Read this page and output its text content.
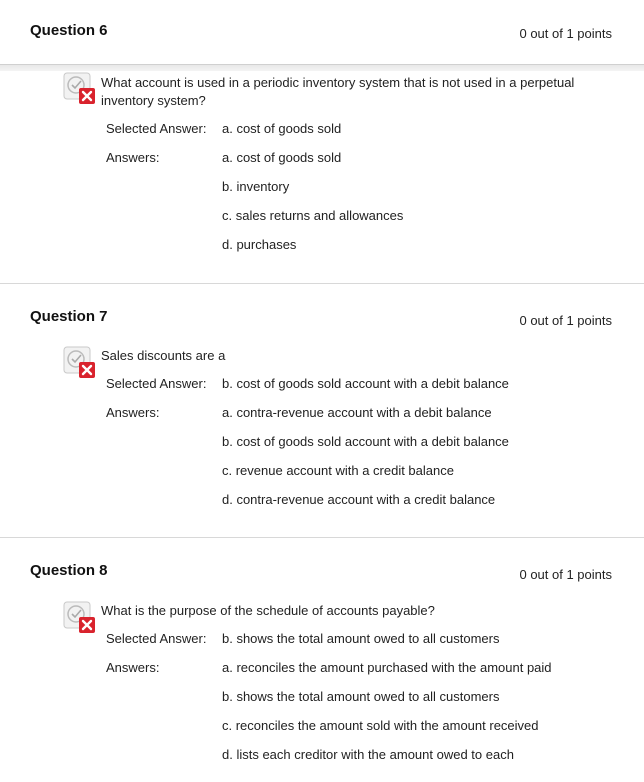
Question 6	0 out of 1 points
What account is used in a periodic inventory system that is not used in a perpetual inventory system?
Selected Answer: a. cost of goods sold
Answers:	a. cost of goods sold
b. inventory
c. sales returns and allowances
d. purchases
Question 7	0 out of 1 points
Sales discounts are a
Selected Answer: b. cost of goods sold account with a debit balance
Answers:	a. contra-revenue account with a debit balance
b. cost of goods sold account with a debit balance
c. revenue account with a credit balance
d. contra-revenue account with a credit balance
Question 8	0 out of 1 points
What is the purpose of the schedule of accounts payable?
Selected Answer: b. shows the total amount owed to all customers
Answers:	a. reconciles the amount purchased with the amount paid
b. shows the total amount owed to all customers
c. reconciles the amount sold with the amount received
d. lists each creditor with the amount owed to each
